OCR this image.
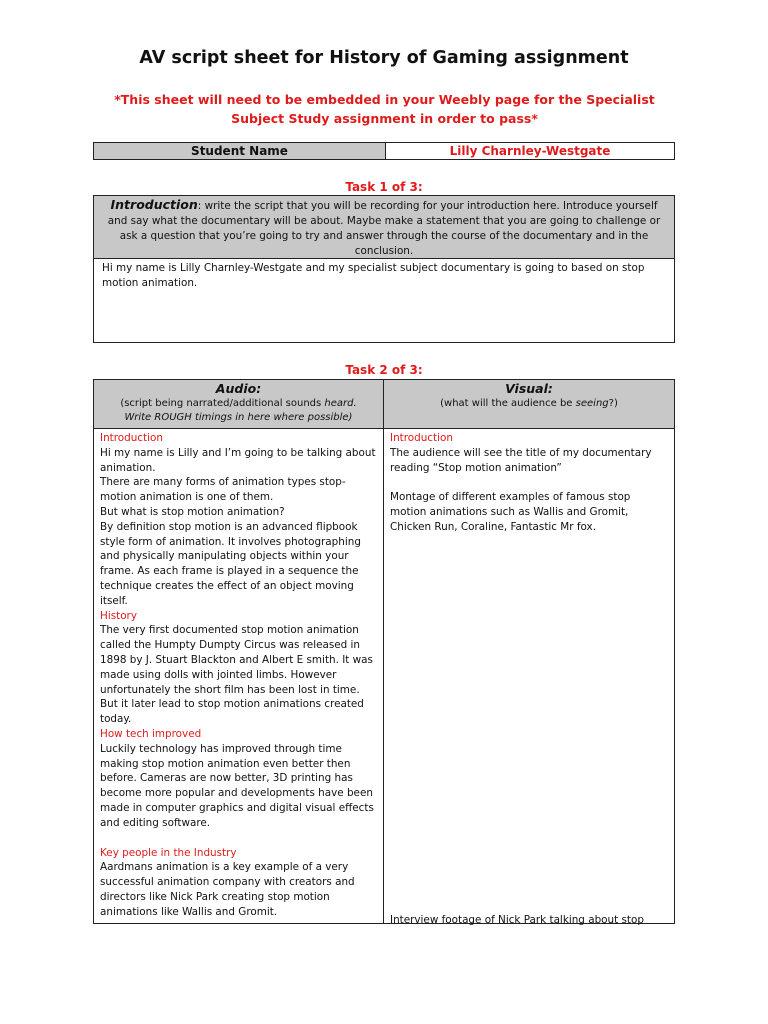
AV script sheet for History of Gaming assignment
*This sheet will need to be embedded in your Weebly page for the Specialist Subject Study assignment in order to pass*
Student Name	Lilly Charnley-Westgate
Task 1 of 3:
Introduction: write the script that you will be recording for your introduction here. Introduce yourself and say what the documentary will be about. Maybe make a statement that you are going to challenge or ask a question that you’re going to try and answer through the course of the documentary and in the conclusion.
Hi my name is Lilly Charnley-Westgate and my specialist subject documentary is going to based on stop motion animation.
Task 2 of 3:
Audio:
(script being narrated/additional sounds heard.
Write ROUGH timings in here where possible)
Visual:
(what will the audience be seeing?)

Introduction

Hi my name is Lilly and I’m going to be talking about animation.

There are many forms of animation types stop-motion animation is one of them.

But what is stop motion animation?

By definition stop motion is an advanced flipbook style form of animation. It involves photographing and physically manipulating objects within your frame. As each frame is played in a sequence the technique creates the effect of an object moving itself.

History

The very first documented stop motion animation called the Humpty Dumpty Circus was released in 1898 by J. Stuart Blackton and Albert E smith. It was made using dolls with jointed limbs. However unfortunately the short film has been lost in time. But it later lead to stop motion animations created today.

How tech improved

Luckily technology has improved through time making stop motion animation even better then before. Cameras are now better, 3D printing has become more popular and developments have been made in computer graphics and digital visual effects and editing software.

Key people in the Industry

Aardmans animation is a key example of a very successful animation company with creators and directors like Nick Park creating stop motion animations like Wallis and Gromit.

Introduction

The audience will see the title of my documentary reading “Stop motion animation”

Montage of different examples of famous stop motion animations such as Wallis and Gromit, Chicken Run, Coraline, Fantastic Mr fox.

Interview footage of Nick Park talking about stop
